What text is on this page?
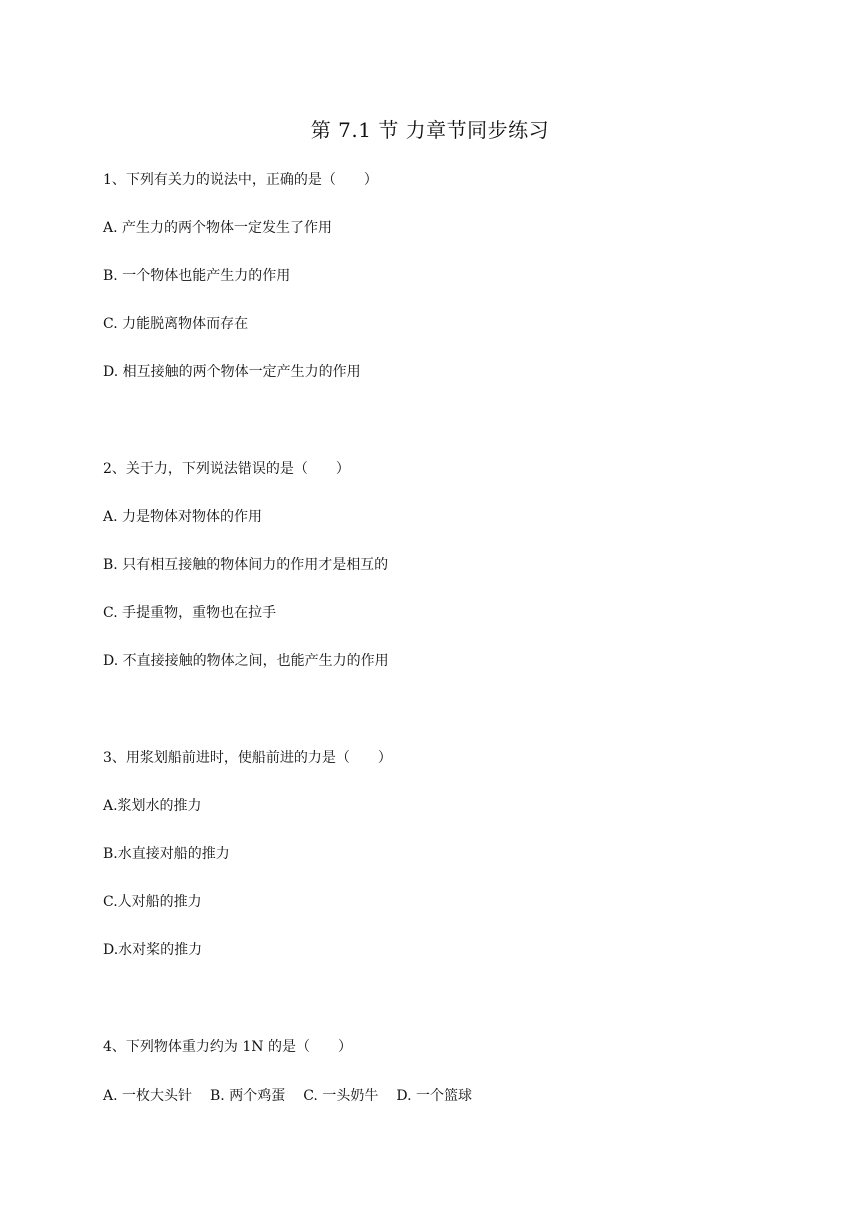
第 7.1 节 力章节同步练习
1、下列有关力的说法中，正确的是（　　）
A. 产生力的两个物体一定发生了作用
B. 一个物体也能产生力的作用
C. 力能脱离物体而存在
D. 相互接触的两个物体一定产生力的作用
2、关于力，下列说法错误的是（　　）
A. 力是物体对物体的作用
B. 只有相互接触的物体间力的作用才是相互的
C. 手提重物，重物也在拉手
D. 不直接接触的物体之间，也能产生力的作用
3、用浆划船前进时，使船前进的力是（　　）
A.浆划水的推力
B.水直接对船的推力
C.人对船的推力
D.水对桨的推力
4、下列物体重力约为 1N 的是（　　）
A. 一枚大头针 B. 两个鸡蛋 C. 一头奶牛 D. 一个篮球
